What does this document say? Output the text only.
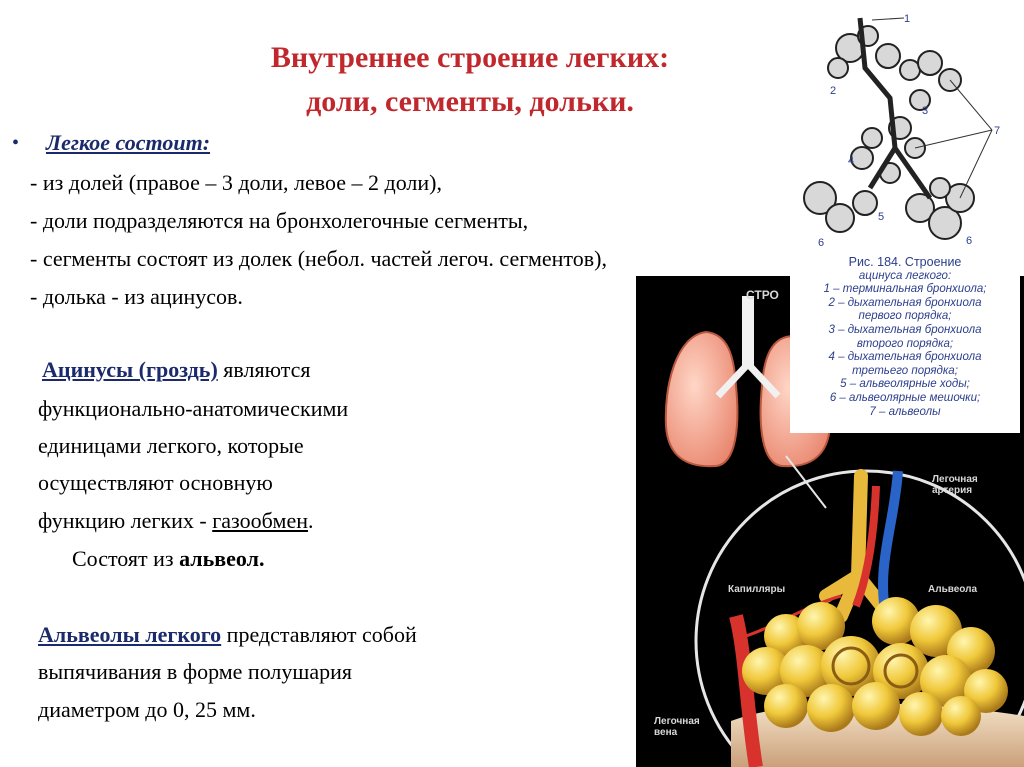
Внутреннее строение легких:
доли, сегменты, дольки.
• Легкое состоит:
- из долей (правое – 3 доли, левое – 2 доли),
- доли подразделяются на бронхолегочные сегменты,
- сегменты состоят из долек (небол. частей легоч. сегментов),
- долька - из ацинусов.
Ацинусы (гроздь) являются
функционально-анатомическими
единицами легкого, которые
осуществляют основную
функцию легких - газообмен.
Состоят из альвеол.
Альвеолы легкого представляют собой
выпячивания в форме полушария
диаметром до 0, 25 мм.
СТРО
Легочная
артерия
Капилляры	Альвеола
Легочная
вена
1
2
3
4
5
6	6
7
Рис. 184. Строение
ацинуса легкого:
1 – терминальная бронхиола;
2 – дыхательная бронхиола
первого порядка;
3 – дыхательная бронхиола
второго порядка;
4 – дыхательная бронхиола
третьего порядка;
5 – альвеолярные ходы;
6 – альвеолярные мешочки;
7 – альвеолы
